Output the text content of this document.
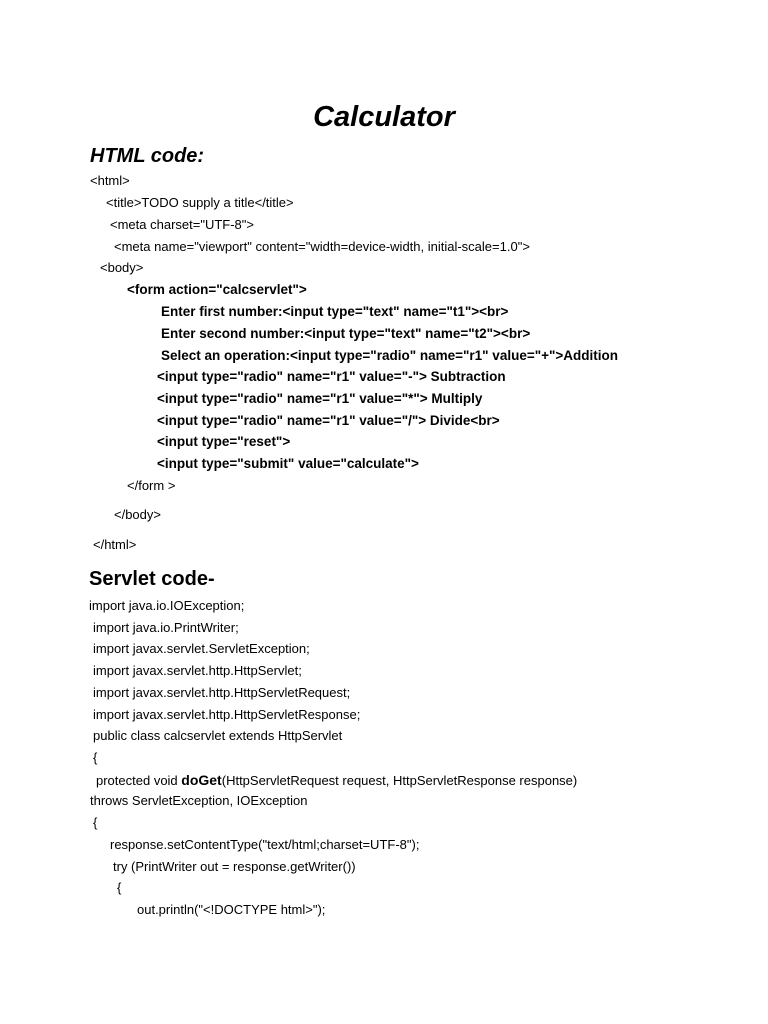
Calculator
HTML code:

<html>

<title>TODO supply a title</title>

<meta charset="UTF-8">

<meta name="viewport" content="width=device-width, initial-scale=1.0">

<body>

<form action="calcservlet">

Enter first number:<input type="text" name="t1"><br>

Enter second number:<input type="text" name="t2"><br>

Select an operation:<input type="radio" name="r1" value="+">Addition

<input type="radio" name="r1" value="-"> Subtraction

<input type="radio" name="r1" value="*"> Multiply

<input type="radio" name="r1" value="/"> Divide<br>

<input type="reset">

<input type="submit" value="calculate">

</form >

</body>

</html>

Servlet code-

import java.io.IOException;

import java.io.PrintWriter;

import javax.servlet.ServletException;

import javax.servlet.http.HttpServlet;

import javax.servlet.http.HttpServletRequest;

import javax.servlet.http.HttpServletResponse;

public class calcservlet extends HttpServlet

{

protected void doGet(HttpServletRequest request, HttpServletResponse response)

throws ServletException, IOException

{

response.setContentType("text/html;charset=UTF-8");

try (PrintWriter out = response.getWriter())

{

out.println("<!DOCTYPE html>");
